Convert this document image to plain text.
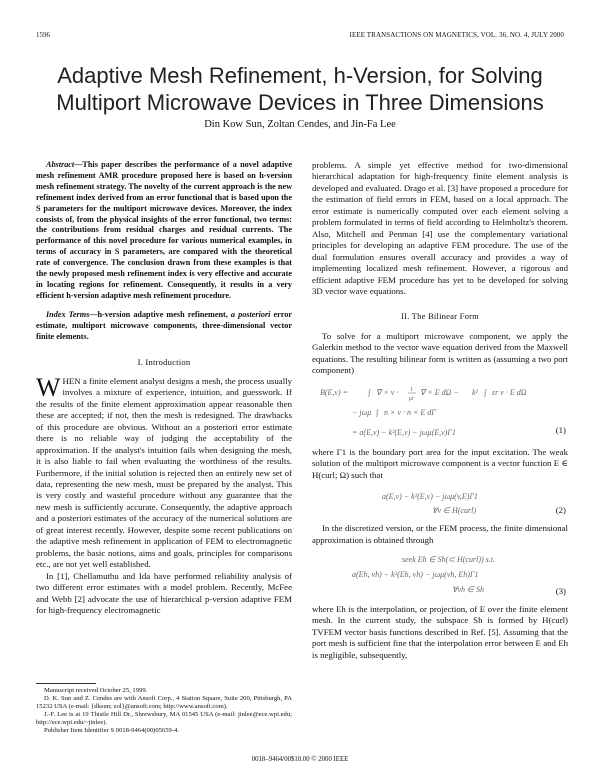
1596	IEEE TRANSACTIONS ON MAGNETICS, VOL. 36, NO. 4, JULY 2000
Adaptive Mesh Refinement, h-Version, for Solving
Multiport Microwave Devices in Three Dimensions
Din Kow Sun, Zoltan Cendes, and Jin-Fa Lee

Abstract—This paper describes the performance of a novel adaptive mesh refinement AMR procedure proposed here is based on h-version mesh refinement strategy. The novelty of the current approach is the new refinement index derived from an error functional that is based upon the S parameters for the multiport microwave devices. Moreover, the index consists of, from the physical insights of the error functional, two terms: the contributions from residual charges and residual currents. The performance of this novel procedure for various numerical examples, in terms of accuracy in S parameters, are compared with the theoretical rate of convergence. The conclusion drawn from these examples is that the newly proposed mesh refinement index is very effective and accurate in locating regions for refinement. Consequently, it results in a very efficient h-version adaptive mesh refinement procedure.

Index Terms—h-version adaptive mesh refinement, a posteriori error estimate, multiport microwave components, three-dimensional vector finite elements.

I. Introduction
W HEN a finite element analyst designs a mesh, the process usually involves a mixture of experience, intuition, and guesswork. If the results of the finite element approximation appear reasonable then these are accepted; if not, then the mesh is redesigned. The drawbacks of this procedure are obvious. Without an a posteriori error estimate there is no reliable way of judging the acceptability of the approximation. If the analyst's intuition fails when designing the mesh, it is also liable to fail when evaluating the worthiness of the results. Furthermore, if the initial solution is rejected then an entirely new set of data, representing the new mesh, must be prepared by the analyst. This is very costly and wasteful procedure without any guarantee that the new mesh is sufficiently accurate. Consequently, the adaptive approach and a posteriori estimates of the accuracy of the numerical solutions are of great interest recently. However, despite some recent publications on the adaptive mesh refinement in application of FEM to electromagnetic problems, the basic notions, aims and goals, principles for comparisons etc., are not yet well established.

In [1], Chellamuthu and Ida have performed reliability analysis of two different error estimates with a model problem. Recently, McFee and Webb [2] advocate the use of hierarchical p-version adaptive FEM for high-frequency electromagnetic

Manuscript received October 25, 1999.

D. K. Sun and Z. Cendes are with Ansoft Corp., 4 Station Square, Suite 200, Pittsburgh, PA 15232 USA (e-mail: {dksun; zol}@ansoft.com; http://www.ansoft.com).

J.-F. Lee is at 19 Thistle Hill Dr., Shrewsbury, MA 01545 USA (e-mail: jinlee@ece.wpi.edu; http://ece.wpi.edu/~jinlee).

Publisher Item Identifier S 0018-9464(00)05659-4.

problems. A simple yet effective method for two-dimensional hierarchical adaptation for high-frequency finite element analysis is developed and evaluated. Drago et al. [3] have proposed a procedure for the estimation of field errors in FEM, based on a local approach. The error estimate is numerically computed over each element solving a problem formulated in terms of field according to Helmholtz's theorem. Also, Mitchell and Penman [4] use the complementary variational principles for developing an adaptive FEM procedure. The use of the dual formulation ensures overall accuracy and provides a way of implementing localized mesh refinement. However, a rigorous and efficient adaptive FEM procedure has yet to be developed for solving 3D vector wave equations.

II. The Bilinear Form

To solve for a multiport microwave component, we apply the Galerkin method to the vector wave equation derived from the Maxwell equations. The resulting bilinear form is written as (assuming a two port component)

B(E,v) = ∫ ∇ × v · 1
μr
∇ × E dΩ − k² ∫ εr v · E dΩ
− jωμ ∫ n × v · n × E dΓ
= a(E,v) − k²(E,v) − jωμ(E,v)Γ1	(1)

where Γ1 is the boundary port area for the input excitation. The weak solution of the multiport microwave component is a vector function E ∈ H(curl; Ω) such that

a(E,v) − k²(E,v) − jωμ(v,E)Γ1
∀v ∈ H(curl)	(2)

In the discretized version, or the FEM process, the finite dimensional approximation is obtained through

seek Eh ∈ Sh(⊂ H(curl)) s.t.
a(Eh, vh) − k²(Eh, vh) − jωμ(vh, Eh)Γ1
∀vh ∈ Sh	(3)

where Eh is the interpolation, or projection, of E over the finite element mesh. In the current study, the subspace Sh is formed by H(curl) TVFEM vector basis functions described in Ref. [5]. Assuming that the port mesh is sufficient fine that the interpolation error between E and Eh is negligible, subsequently,

0018–9464/00$10.00 © 2000 IEEE
